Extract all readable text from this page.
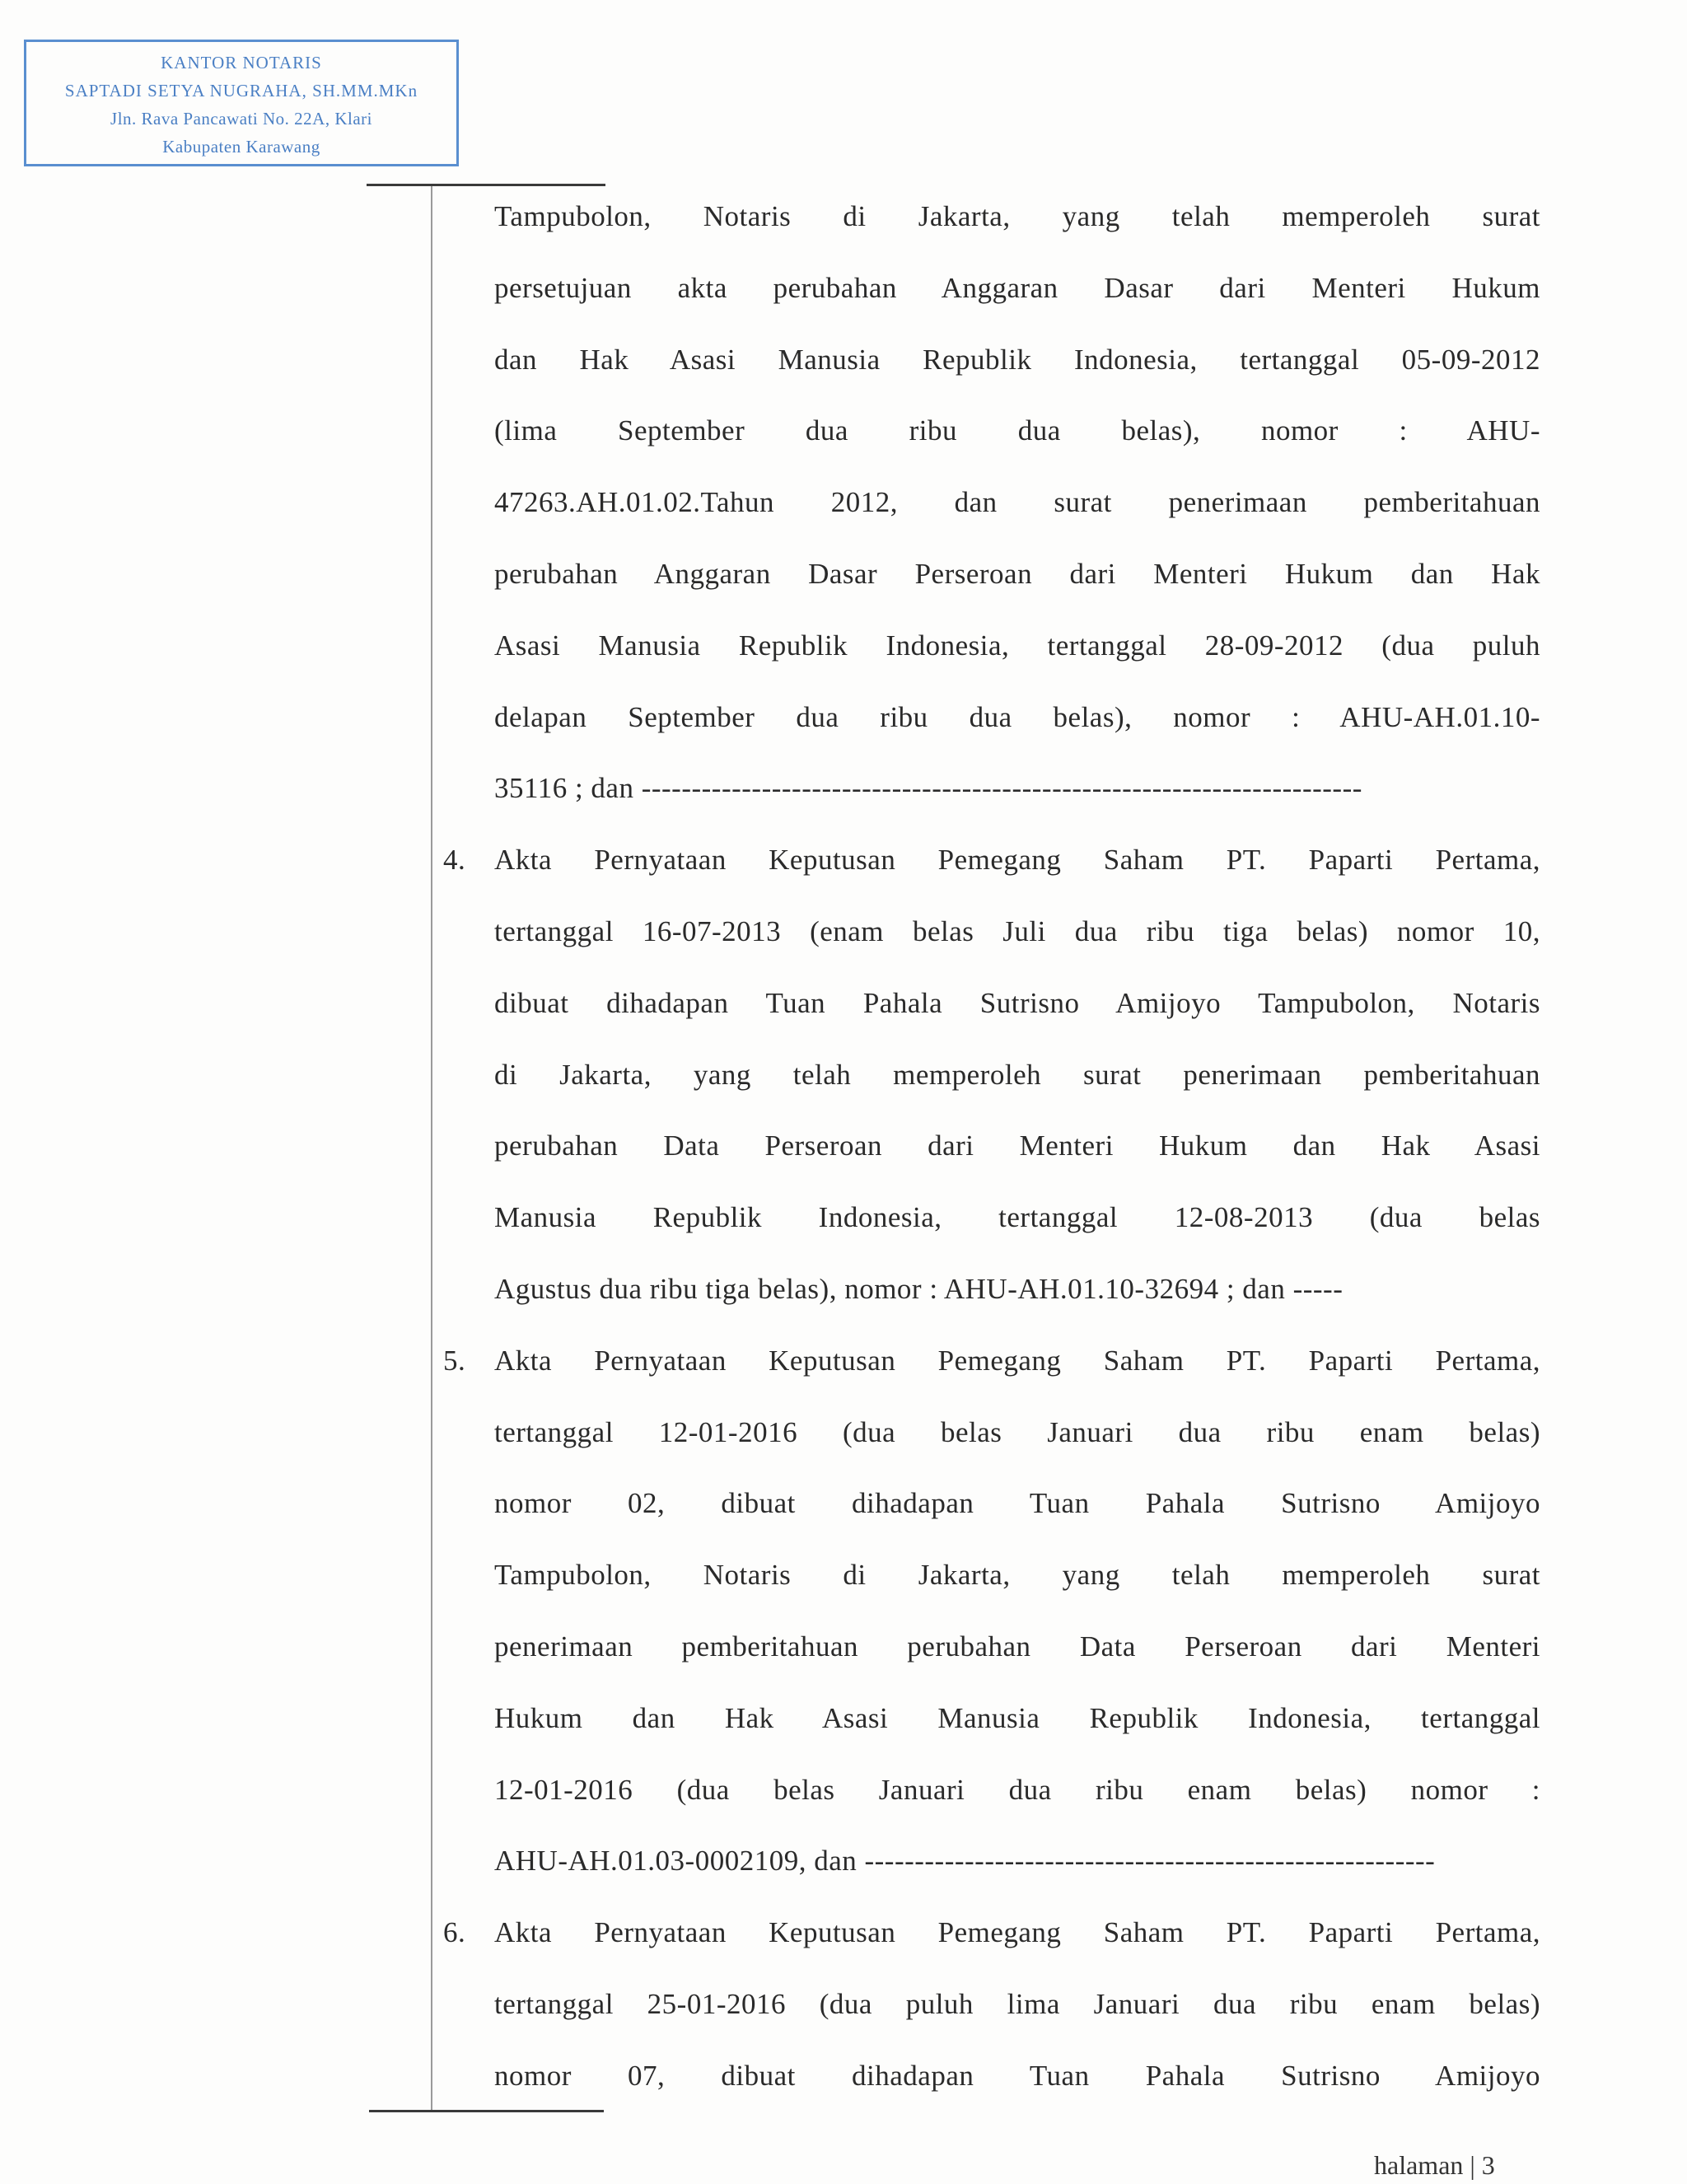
KANTOR NOTARIS
SAPTADI SETYA NUGRAHA, SH.MM.MKn
Jln. Rava Pancawati No. 22A, Klari
Kabupaten Karawang
Tampubolon, Notaris di Jakarta, yang telah memperoleh surat
persetujuan akta perubahan Anggaran Dasar dari Menteri Hukum
dan Hak Asasi Manusia Republik Indonesia, tertanggal 05-09-2012
(lima September dua ribu dua belas), nomor : AHU-
47263.AH.01.02.Tahun 2012, dan surat penerimaan pemberitahuan
perubahan Anggaran Dasar Perseroan dari Menteri Hukum dan Hak
Asasi Manusia Republik Indonesia, tertanggal 28-09-2012 (dua puluh
delapan September dua ribu dua belas), nomor : AHU-AH.01.10-
35116 ; dan ------------------------------------------------------------------------
4. Akta Pernyataan Keputusan Pemegang Saham PT. Paparti Pertama,
tertanggal 16-07-2013 (enam belas Juli dua ribu tiga belas) nomor 10,
dibuat dihadapan Tuan Pahala Sutrisno Amijoyo Tampubolon, Notaris
di Jakarta, yang telah memperoleh surat penerimaan pemberitahuan
perubahan Data Perseroan dari Menteri Hukum dan Hak Asasi
Manusia Republik Indonesia, tertanggal 12-08-2013 (dua belas
Agustus dua ribu tiga belas), nomor : AHU-AH.01.10-32694 ; dan -----
5. Akta Pernyataan Keputusan Pemegang Saham PT. Paparti Pertama,
tertanggal 12-01-2016 (dua belas Januari dua ribu enam belas)
nomor 02, dibuat dihadapan Tuan Pahala Sutrisno Amijoyo
Tampubolon, Notaris di Jakarta, yang telah memperoleh surat
penerimaan pemberitahuan perubahan Data Perseroan dari Menteri
Hukum dan Hak Asasi Manusia Republik Indonesia, tertanggal
12-01-2016 (dua belas Januari dua ribu enam belas) nomor :
AHU-AH.01.03-0002109, dan ---------------------------------------------------------
6. Akta Pernyataan Keputusan Pemegang Saham PT. Paparti Pertama,
tertanggal 25-01-2016 (dua puluh lima Januari dua ribu enam belas)
nomor 07, dibuat dihadapan Tuan Pahala Sutrisno Amijoyo
halaman | 3
